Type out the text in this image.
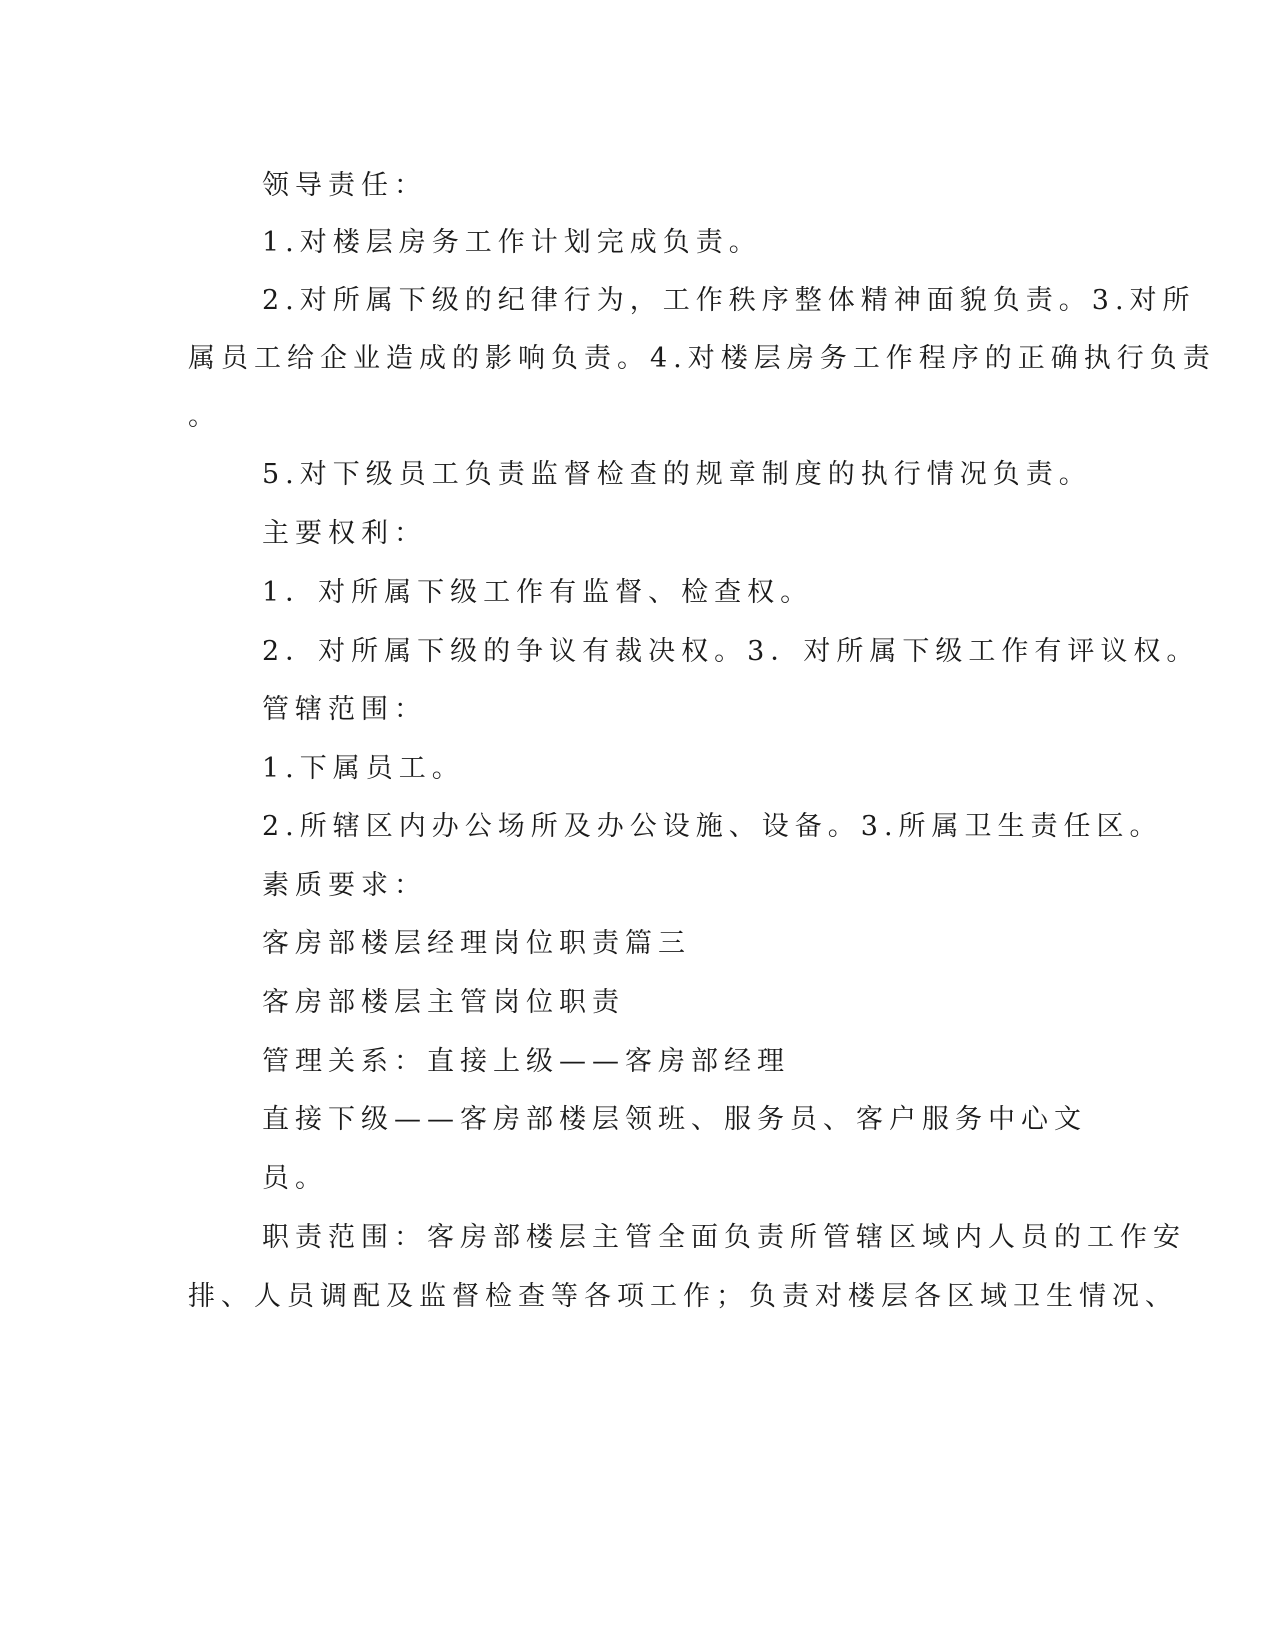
领导责任：

1.对楼层房务工作计划完成负责。

2.对所属下级的纪律行为，工作秩序整体精神面貌负责。3.对所

属员工给企业造成的影响负责。4.对楼层房务工作程序的正确执行负责

。

5.对下级员工负责监督检查的规章制度的执行情况负责。

主要权利：

1．对所属下级工作有监督、检查权。

2．对所属下级的争议有裁决权。3．对所属下级工作有评议权。

管辖范围：

1.下属员工。

2.所辖区内办公场所及办公设施、设备。3.所属卫生责任区。

素质要求：

客房部楼层经理岗位职责篇三

客房部楼层主管岗位职责

管理关系：直接上级——客房部经理

直接下级——客房部楼层领班、服务员、客户服务中心文

员。

职责范围：客房部楼层主管全面负责所管辖区域内人员的工作安

排、人员调配及监督检查等各项工作；负责对楼层各区域卫生情况、
